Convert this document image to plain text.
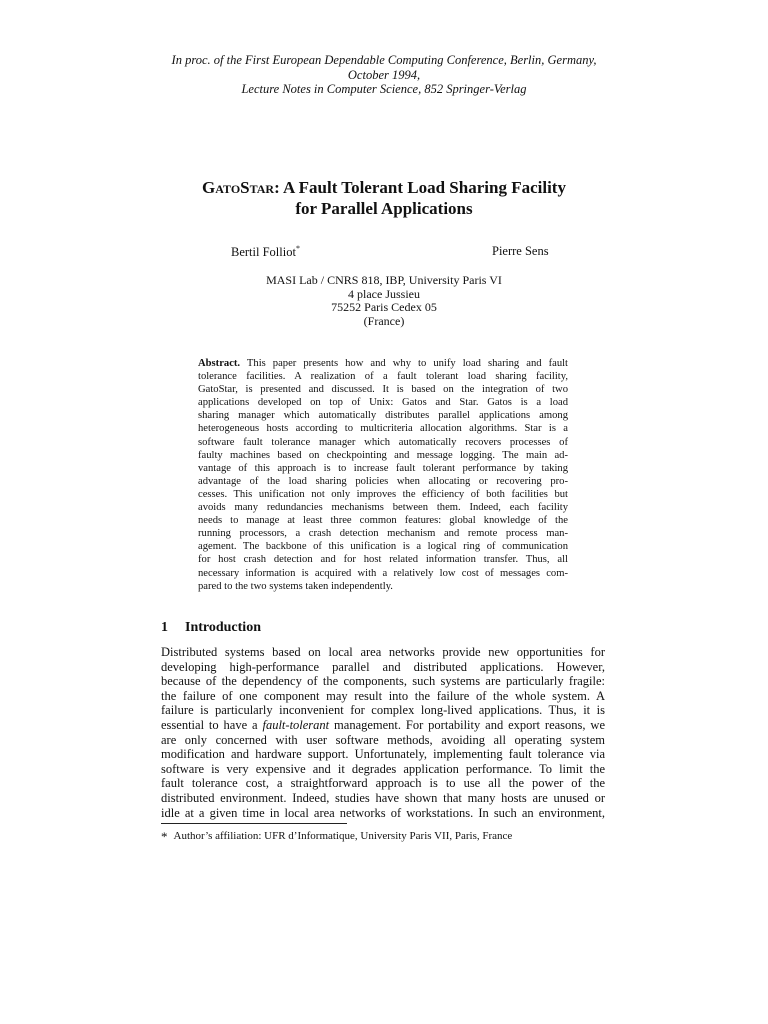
In proc. of the First European Dependable Computing Conference, Berlin, Germany,
October 1994,
Lecture Notes in Computer Science, 852 Springer-Verlag
GatoStar: A Fault Tolerant Load Sharing Facility
for Parallel Applications
Bertil Folliot*	Pierre Sens
MASI Lab / CNRS 818, IBP, University Paris VI
4 place Jussieu
75252 Paris Cedex 05
(France)
Abstract. This paper presents how and why to unify load sharing and fault
tolerance facilities. A realization of a fault tolerant load sharing facility,
GatoStar, is presented and discussed. It is based on the integration of two
applications developed on top of Unix: Gatos and Star. Gatos is a load
sharing manager which automatically distributes parallel applications among
heterogeneous hosts according to multicriteria allocation algorithms. Star is a
software fault tolerance manager which automatically recovers processes of
faulty machines based on checkpointing and message logging. The main ad-
vantage of this approach is to increase fault tolerant performance by taking
advantage of the load sharing policies when allocating or recovering pro-
cesses. This unification not only improves the efficiency of both facilities but
avoids many redundancies mechanisms between them. Indeed, each facility
needs to manage at least three common features: global knowledge of the
running processors, a crash detection mechanism and remote process man-
agement. The backbone of this unification is a logical ring of communication
for host crash detection and for host related information transfer. Thus, all
necessary information is acquired with a relatively low cost of messages com-
pared to the two systems taken independently.
1 Introduction
Distributed systems based on local area networks provide new opportunities for
developing high-performance parallel and distributed applications. However,
because of the dependency of the components, such systems are particularly fragile:
the failure of one component may result into the failure of the whole system. A
failure is particularly inconvenient for complex long-lived applications. Thus, it is
essential to have a fault-tolerant management. For portability and export reasons, we
are only concerned with user software methods, avoiding all operating system
modification and hardware support. Unfortunately, implementing fault tolerance via
software is very expensive and it degrades application performance. To limit the
fault tolerance cost, a straightforward approach is to use all the power of the
distributed environment. Indeed, studies have shown that many hosts are unused or
idle at a given time in local area networks of workstations. In such an environment,
* Author’s affiliation: UFR d’Informatique, University Paris VII, Paris, France
